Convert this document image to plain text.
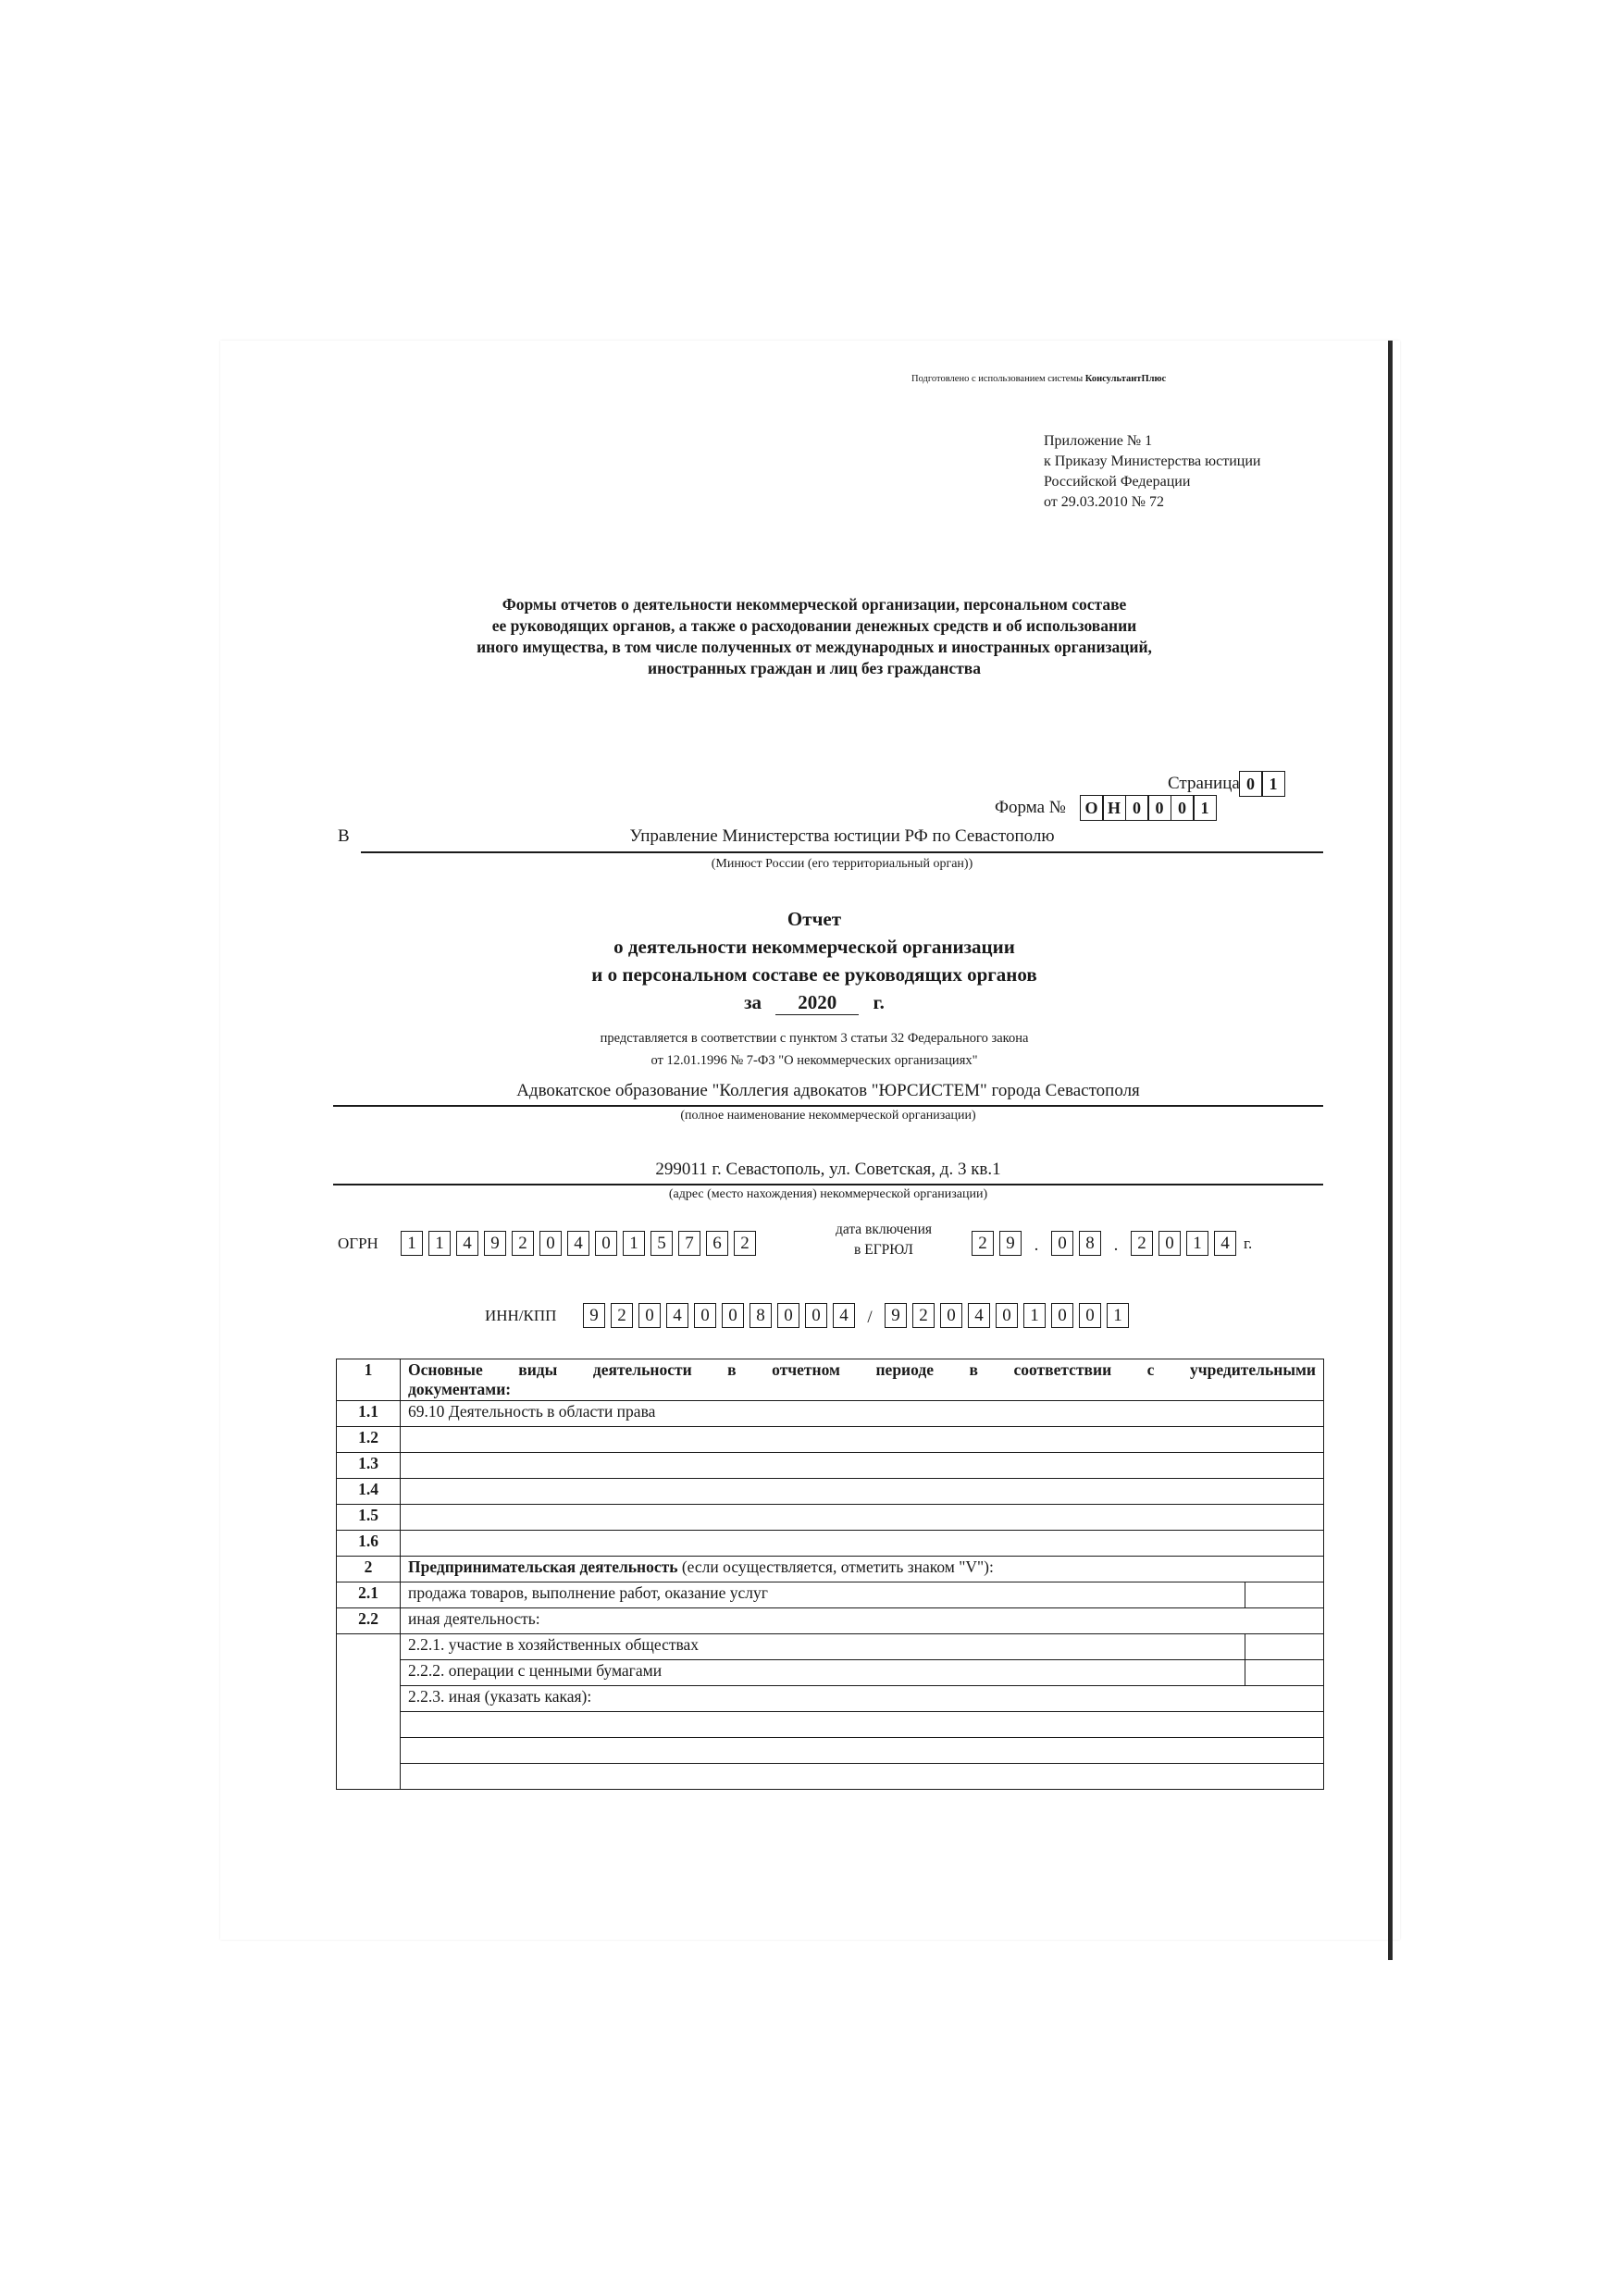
Подготовлено с использованием системы КонсультантПлюс
Приложение № 1
к Приказу Министерства юстиции
Российской Федерации
от 29.03.2010 № 72
Формы отчетов о деятельности некоммерческой организации, персональном составе
ее руководящих органов, а также о расходовании денежных средств и об использовании
иного имущества, в том числе полученных от международных и иностранных организаций,
иностранных граждан и лиц без гражданства
Страница 0 1
Форма №	О Н 0 0 0 1
В	Управление Министерства юстиции РФ по Севастополю
(Минюст России (его территориальный орган))
Отчет
о деятельности некоммерческой организации
и о персональном составе ее руководящих органов
за 2020 г.
представляется в соответствии с пунктом 3 статьи 32 Федерального закона
от 12.01.1996 № 7-ФЗ "О некоммерческих организациях"
Адвокатское образование "Коллегия адвокатов "ЮРСИСТЕМ" города Севастополя
(полное наименование некоммерческой организации)
299011 г. Севастополь, ул. Советская, д. 3 кв.1
(адрес (место нахождения) некоммерческой организации)
ОГРН	1	1	4	9	2	0	4	0	1	5	7	6	2
дата включения
в ЕГРЮЛ	2	9	.	0	8	.	2	0	1	4 г.
ИНН/КПП	9	2	0	4	0	0	8	0	0	4	/	9	2	0	4	0	1	0	0	1
1	Основные виды деятельности в отчетном периоде в соответствии с учредительными
документами:	

1.1	69.10 Деятельность в области права	
1.2		
1.3		
1.4		
1.5		
1.6		
2	Предпринимательская деятельность (если осуществляется, отметить знаком "V"):	
2.1	продажа товаров, выполнение работ, оказание услуг	
2.2	иная деятельность:	
	2.2.1. участие в хозяйственных обществах	
	2.2.2. операции с ценными бумагами	
	2.2.3. иная (указать какая):	
